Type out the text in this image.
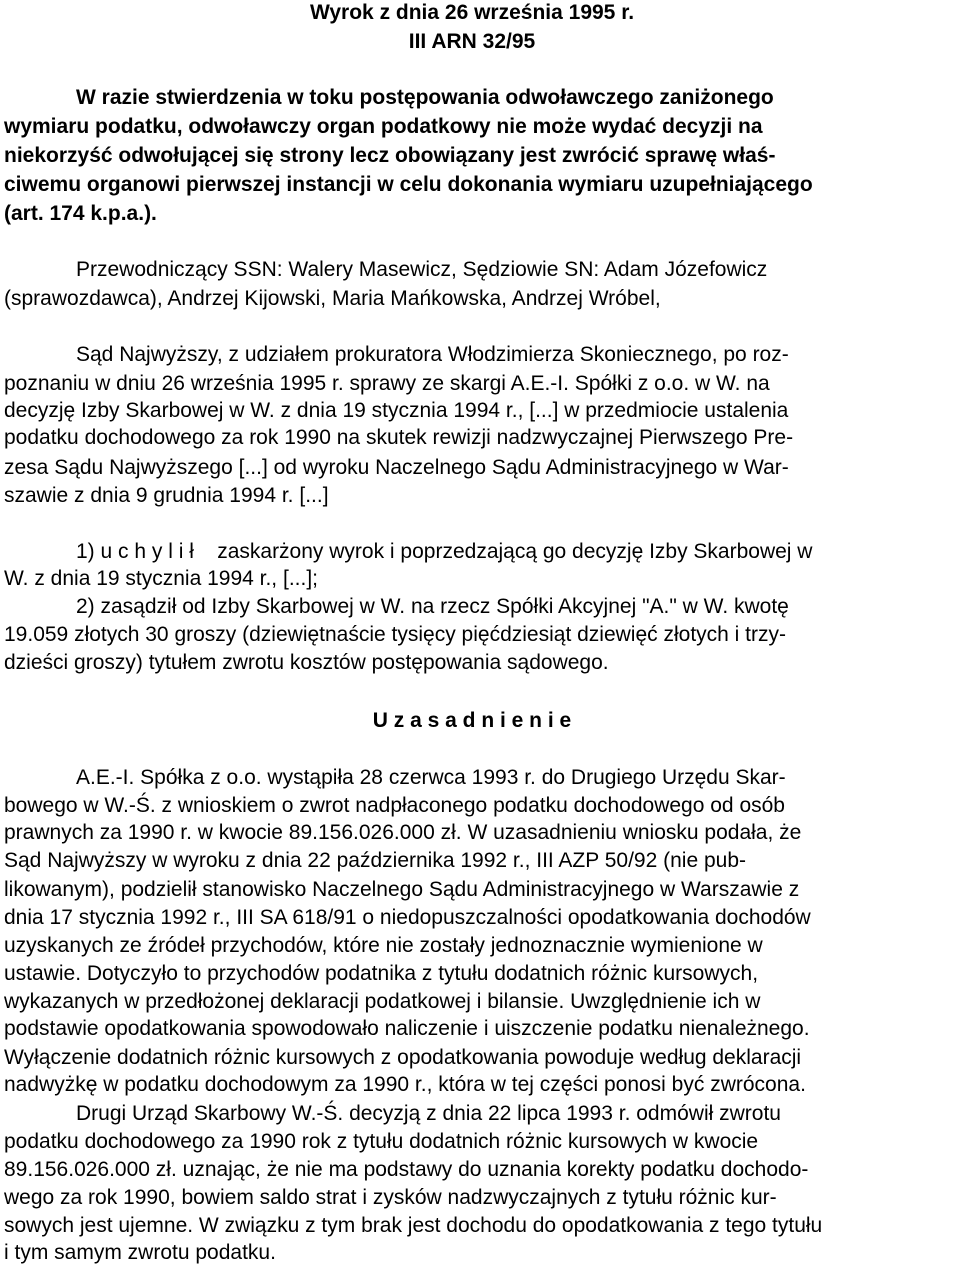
Wyrok z dnia 26 września 1995 r.

III ARN 32/95

W razie stwierdzenia w toku postępowania odwoławczego zaniżonego

wymiaru podatku, odwoławczy organ podatkowy nie może wydać decyzji na

niekorzyść odwołującej się strony lecz obowiązany jest zwrócić sprawę właś-

ciwemu organowi pierwszej instancji w celu dokonania wymiaru uzupełniającego

(art. 174 k.p.a.).

Przewodniczący SSN: Walery Masewicz, Sędziowie SN: Adam Józefowicz

(sprawozdawca), Andrzej Kijowski, Maria Mańkowska, Andrzej Wróbel,

Sąd Najwyższy, z udziałem prokuratora Włodzimierza Skoniecznego, po roz-

poznaniu w dniu 26 września 1995 r. sprawy ze skargi A.E.-I. Spółki z o.o. w W. na

decyzję Izby Skarbowej w W. z dnia 19 stycznia 1994 r., [...] w przedmiocie ustalenia

podatku dochodowego za rok 1990 na skutek rewizji nadzwyczajnej Pierwszego Pre-

zesa Sądu Najwyższego [...] od wyroku Naczelnego Sądu Administracyjnego w War-

szawie z dnia 9 grudnia 1994 r. [...]

1) u c h y l i ł    zaskarżony wyrok i poprzedzającą go decyzję Izby Skarbowej w

W. z dnia 19 stycznia 1994 r., [...];

2) zasądził od Izby Skarbowej w W. na rzecz Spółki Akcyjnej "A." w W. kwotę

19.059 złotych 30 groszy (dziewiętnaście tysięcy pięćdziesiąt dziewięć złotych i trzy-

dzieści groszy) tytułem zwrotu kosztów postępowania sądowego.

U z a s a d n i e n i e

A.E.-I. Spółka z o.o. wystąpiła 28 czerwca 1993 r. do Drugiego Urzędu Skar-

bowego w W.-Ś. z wnioskiem o zwrot nadpłaconego podatku dochodowego od osób

prawnych za 1990 r. w kwocie 89.156.026.000 zł. W uzasadnieniu wniosku podała, że

Sąd Najwyższy w wyroku z dnia 22 października 1992 r., III AZP 50/92 (nie pub-

likowanym), podzielił stanowisko Naczelnego Sądu Administracyjnego w Warszawie z

dnia 17 stycznia 1992 r., III SA 618/91 o niedopuszczalności opodatkowania dochodów

uzyskanych ze źródeł przychodów, które nie zostały jednoznacznie wymienione w

ustawie. Dotyczyło to przychodów podatnika z tytułu dodatnich różnic kursowych,

wykazanych w przedłożonej deklaracji podatkowej i bilansie. Uwzględnienie ich w

podstawie opodatkowania spowodowało naliczenie i uiszczenie podatku nienależnego.

Wyłączenie dodatnich różnic kursowych z opodatkowania powoduje według deklaracji

nadwyżkę w podatku dochodowym za 1990 r., która w tej części ponosi być zwrócona.

Drugi Urząd Skarbowy W.-Ś. decyzją z dnia 22 lipca 1993 r. odmówił zwrotu

podatku dochodowego za 1990 rok z tytułu dodatnich różnic kursowych w kwocie

89.156.026.000 zł. uznając, że nie ma podstawy do uznania korekty podatku dochodo-

wego za rok 1990, bowiem saldo strat i zysków nadzwyczajnych z tytułu różnic kur-

sowych jest ujemne. W związku z tym brak jest dochodu do opodatkowania z tego tytułu

i tym samym zwrotu podatku.
